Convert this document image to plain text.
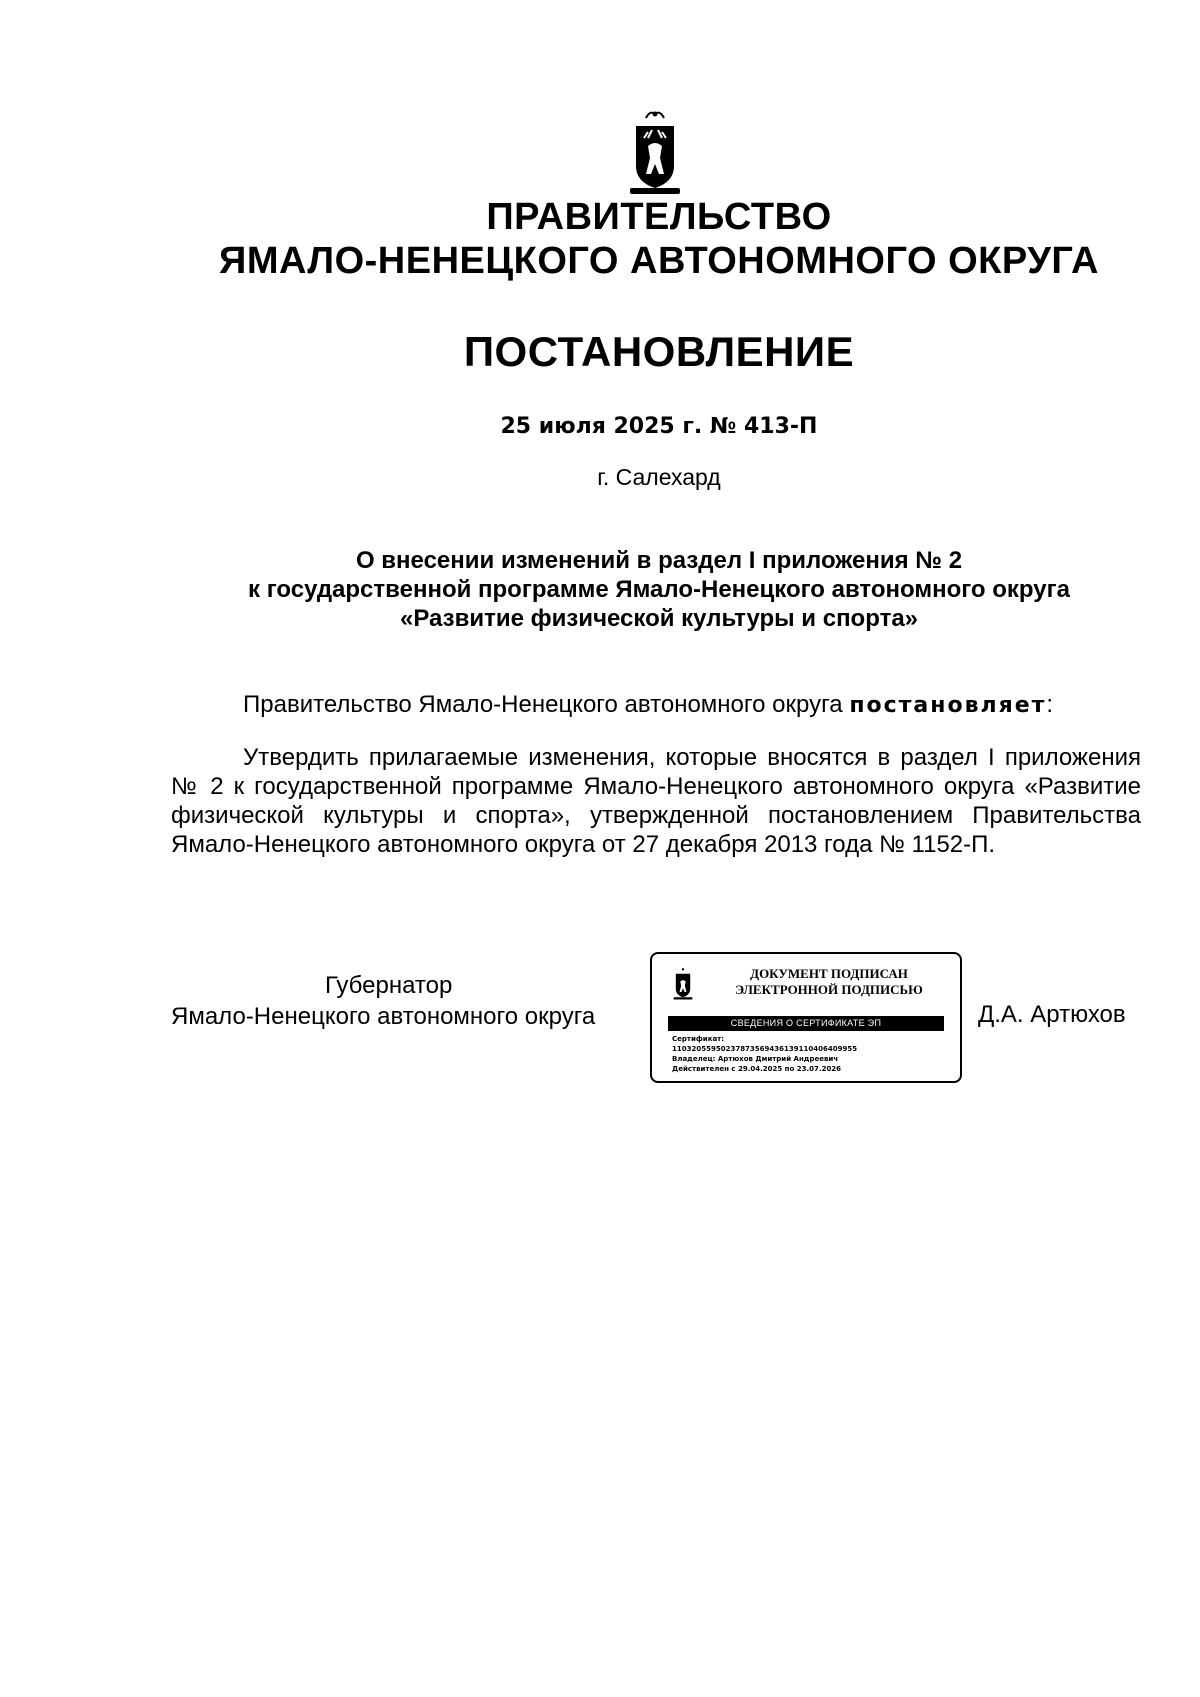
ПРАВИТЕЛЬСТВО
ЯМАЛО-НЕНЕЦКОГО АВТОНОМНОГО ОКРУГА
ПОСТАНОВЛЕНИЕ
25 июля 2025 г. № 413-П
г. Салехард
О внесении изменений в раздел I приложения № 2
к государственной программе Ямало-Ненецкого автономного округа
«Развитие физической культуры и спорта»
Правительство Ямало-Ненецкого автономного округа постановляет:
Утвердить прилагаемые изменения, которые вносятся в раздел I приложения № 2 к государственной программе Ямало-Ненецкого автономного округа «Развитие физической культуры и спорта», утвержденной постановлением Правительства Ямало-Ненецкого автономного округа от 27 декабря 2013 года № 1152-П.
Губернатор
Ямало-Ненецкого автономного округа
ДОКУМЕНТ ПОДПИСАН
ЭЛЕКТРОННОЙ ПОДПИСЬЮ
СВЕДЕНИЯ О СЕРТИФИКАТЕ ЭП
Сертификат:
11032055950237873569436139110406409955
Владелец: Артюхов Дмитрий Андреевич
Действителен с 29.04.2025 по 23.07.2026
Д.А. Артюхов
